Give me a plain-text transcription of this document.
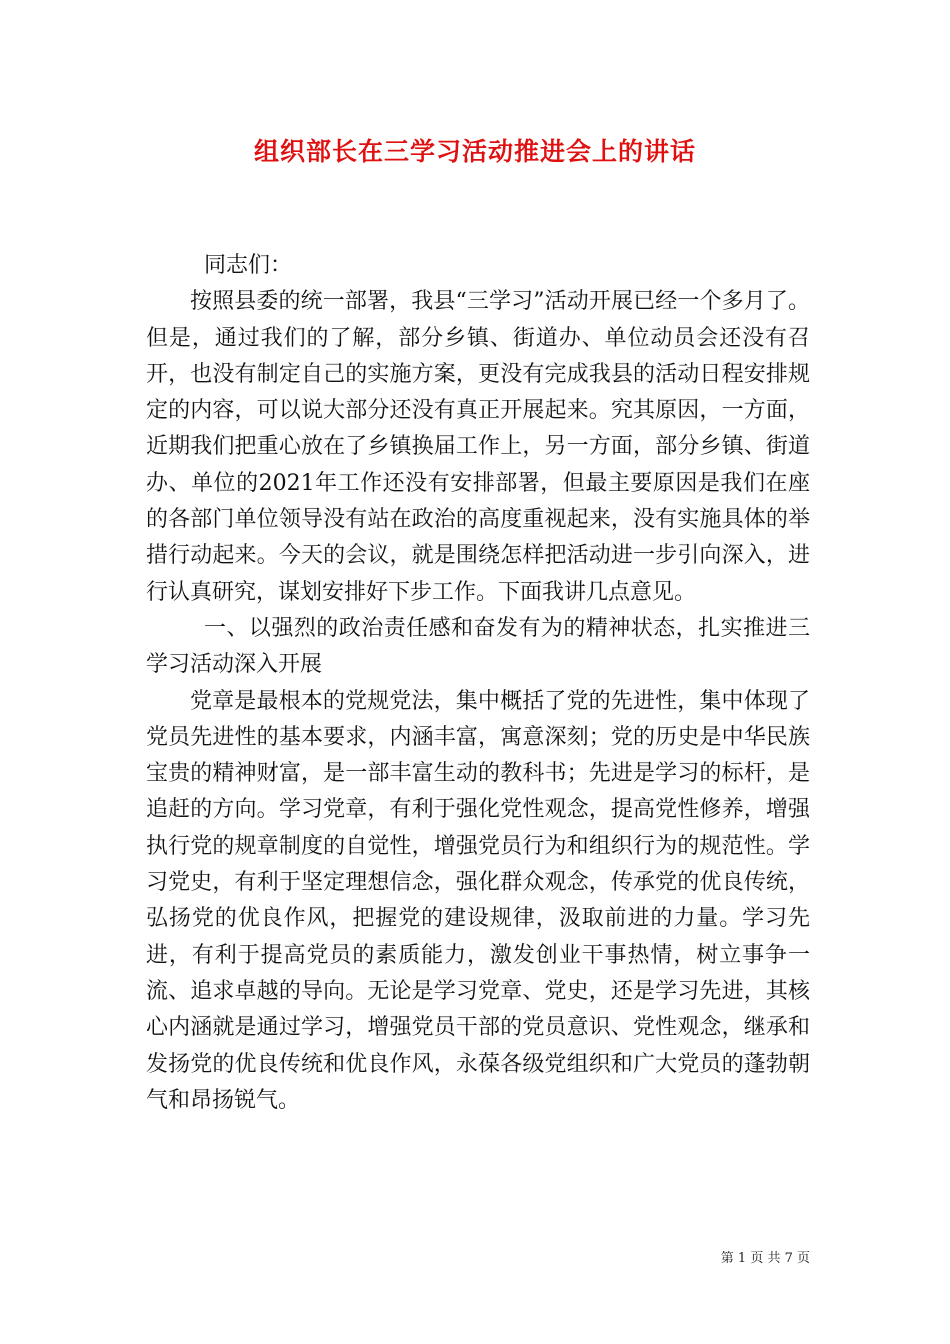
组织部长在三学习活动推进会上的讲话

同志们：

按照县委的统一部署，我县“三学习”活动开展已经一个多月了。但是，通过我们的了解，部分乡镇、街道办、单位动员会还没有召开，也没有制定自己的实施方案，更没有完成我县的活动日程安排规定的内容，可以说大部分还没有真正开展起来。究其原因，一方面，近期我们把重心放在了乡镇换届工作上，另一方面，部分乡镇、街道办、单位的2021年工作还没有安排部署，但最主要原因是我们在座的各部门单位领导没有站在政治的高度重视起来，没有实施具体的举措行动起来。今天的会议，就是围绕怎样把活动进一步引向深入，进行认真研究，谋划安排好下步工作。下面我讲几点意见。

一、以强烈的政治责任感和奋发有为的精神状态，扎实推进三学习活动深入开展

党章是最根本的党规党法，集中概括了党的先进性，集中体现了党员先进性的基本要求，内涵丰富，寓意深刻；党的历史是中华民族宝贵的精神财富，是一部丰富生动的教科书；先进是学习的标杆，是追赶的方向。学习党章，有利于强化党性观念，提高党性修养，增强执行党的规章制度的自觉性，增强党员行为和组织行为的规范性。学习党史，有利于坚定理想信念，强化群众观念，传承党的优良传统，弘扬党的优良作风，把握党的建设规律，汲取前进的力量。学习先进，有利于提高党员的素质能力，激发创业干事热情，树立事争一流、追求卓越的导向。无论是学习党章、党史，还是学习先进，其核心内涵就是通过学习，增强党员干部的党员意识、党性观念，继承和发扬党的优良传统和优良作风，永葆各级党组织和广大党员的蓬勃朝气和昂扬锐气。

第 1 页 共 7 页
